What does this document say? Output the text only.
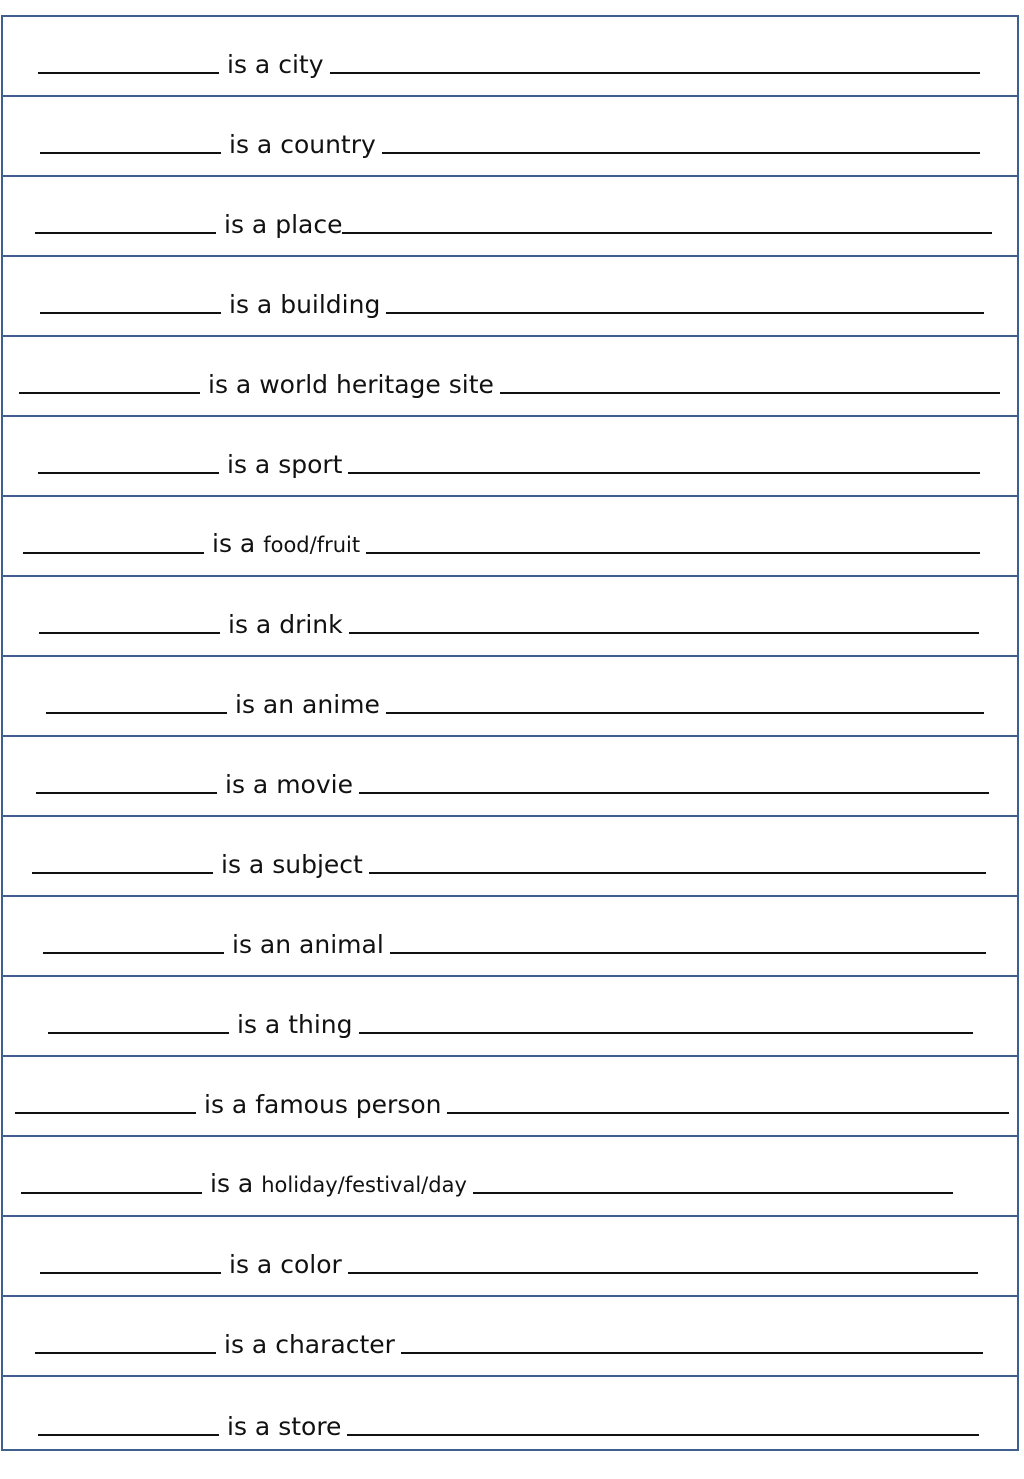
is a city
is a country
is a place
is a building
is a world heritage site
is a sport
is a food/fruit
is a drink
is an anime
is a movie
is a subject
is an animal
is a thing
is a famous person
is a holiday/festival/day
is a color
is a character
is a store
